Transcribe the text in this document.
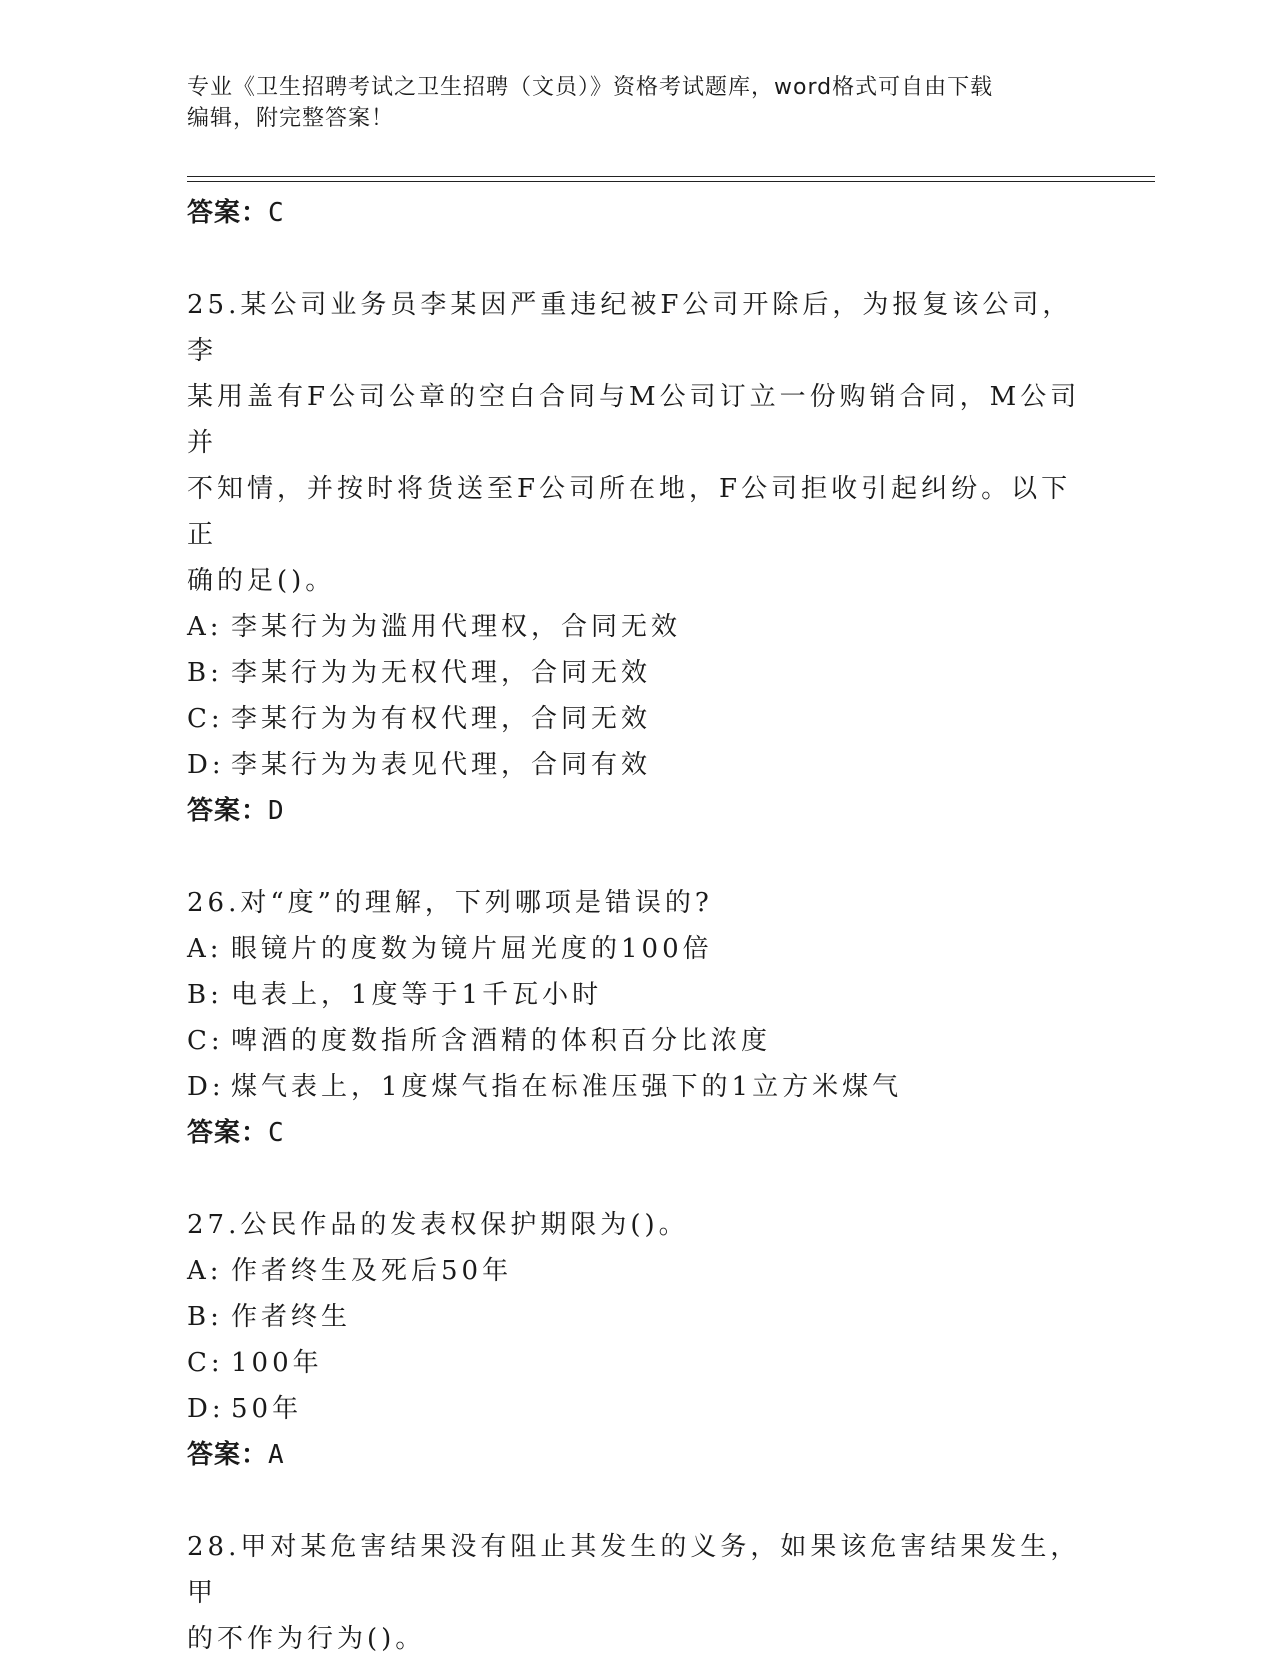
专业《卫生招聘考试之卫生招聘（文员）》资格考试题库，word格式可自由下载
编辑，附完整答案！
答案：C
25.某公司业务员李某因严重违纪被F公司开除后，为报复该公司，李
某用盖有F公司公章的空白合同与M公司订立一份购销合同，M公司并
不知情，并按时将货送至F公司所在地，F公司拒收引起纠纷。以下正
确的足()。
A: 李某行为为滥用代理权，合同无效
B: 李某行为为无权代理，合同无效
C: 李某行为为有权代理，合同无效
D: 李某行为为表见代理，合同有效
答案：D
26.对“度”的理解，下列哪项是错误的?
A: 眼镜片的度数为镜片屈光度的100倍
B: 电表上，1度等于1千瓦小时
C: 啤酒的度数指所含酒精的体积百分比浓度
D: 煤气表上，1度煤气指在标准压强下的1立方米煤气
答案：C
27.公民作品的发表权保护期限为()。
A: 作者终生及死后50年
B: 作者终生
C: 100年
D: 50年
答案：A
28.甲对某危害结果没有阻止其发生的义务，如果该危害结果发生，甲
的不作为行为()。
